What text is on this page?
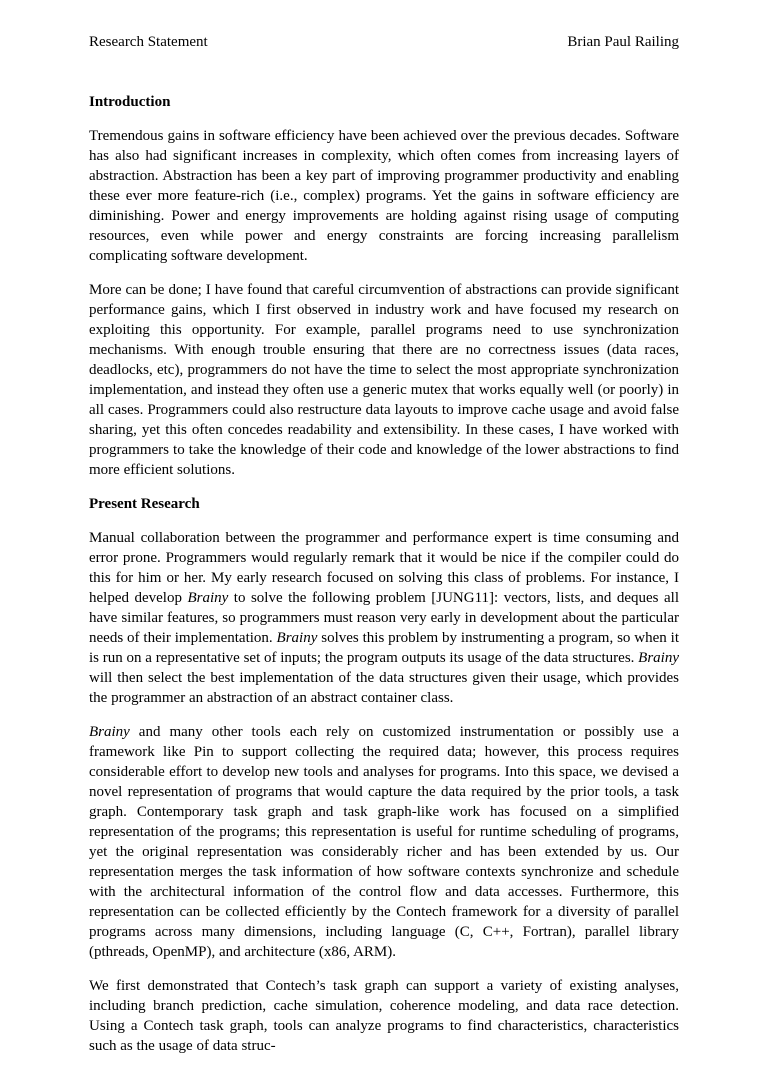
Research Statement	Brian Paul Railing
Introduction

Tremendous gains in software efficiency have been achieved over the previous decades. Software has also had significant increases in complexity, which often comes from increasing layers of abstraction. Abstraction has been a key part of improving programmer productivity and enabling these ever more feature-rich (i.e., complex) programs. Yet the gains in software efficiency are diminishing. Power and energy improvements are holding against rising usage of computing resources, even while power and energy constraints are forcing increasing parallelism complicating software development.

More can be done; I have found that careful circumvention of abstractions can provide significant performance gains, which I first observed in industry work and have focused my research on exploiting this opportunity. For example, parallel programs need to use synchronization mechanisms. With enough trouble ensuring that there are no correctness issues (data races, deadlocks, etc), programmers do not have the time to select the most appropriate synchronization implementation, and instead they often use a generic mutex that works equally well (or poorly) in all cases. Programmers could also restructure data layouts to improve cache usage and avoid false sharing, yet this often concedes readability and extensibility. In these cases, I have worked with programmers to take the knowledge of their code and knowledge of the lower abstractions to find more efficient solutions.

Present Research

Manual collaboration between the programmer and performance expert is time consuming and error prone. Programmers would regularly remark that it would be nice if the compiler could do this for him or her. My early research focused on solving this class of problems. For instance, I helped develop Brainy to solve the following problem [JUNG11]: vectors, lists, and deques all have similar features, so programmers must reason very early in development about the particular needs of their implementation. Brainy solves this problem by instrumenting a program, so when it is run on a representative set of inputs; the program outputs its usage of the data structures. Brainy will then select the best implementation of the data structures given their usage, which provides the programmer an abstraction of an abstract container class.

Brainy and many other tools each rely on customized instrumentation or possibly use a framework like Pin to support collecting the required data; however, this process requires considerable effort to develop new tools and analyses for programs. Into this space, we devised a novel representation of programs that would capture the data required by the prior tools, a task graph. Contemporary task graph and task graph-like work has focused on a simplified representation of the programs; this representation is useful for runtime scheduling of programs, yet the original representation was considerably richer and has been extended by us. Our representation merges the task information of how software contexts synchronize and schedule with the architectural information of the control flow and data accesses. Furthermore, this representation can be collected efficiently by the Contech framework for a diversity of parallel programs across many dimensions, including language (C, C++, Fortran), parallel library (pthreads, OpenMP), and architecture (x86, ARM).

We first demonstrated that Contech’s task graph can support a variety of existing analyses, including branch prediction, cache simulation, coherence modeling, and data race detection. Using a Contech task graph, tools can analyze programs to find characteristics, characteristics such as the usage of data struc-
